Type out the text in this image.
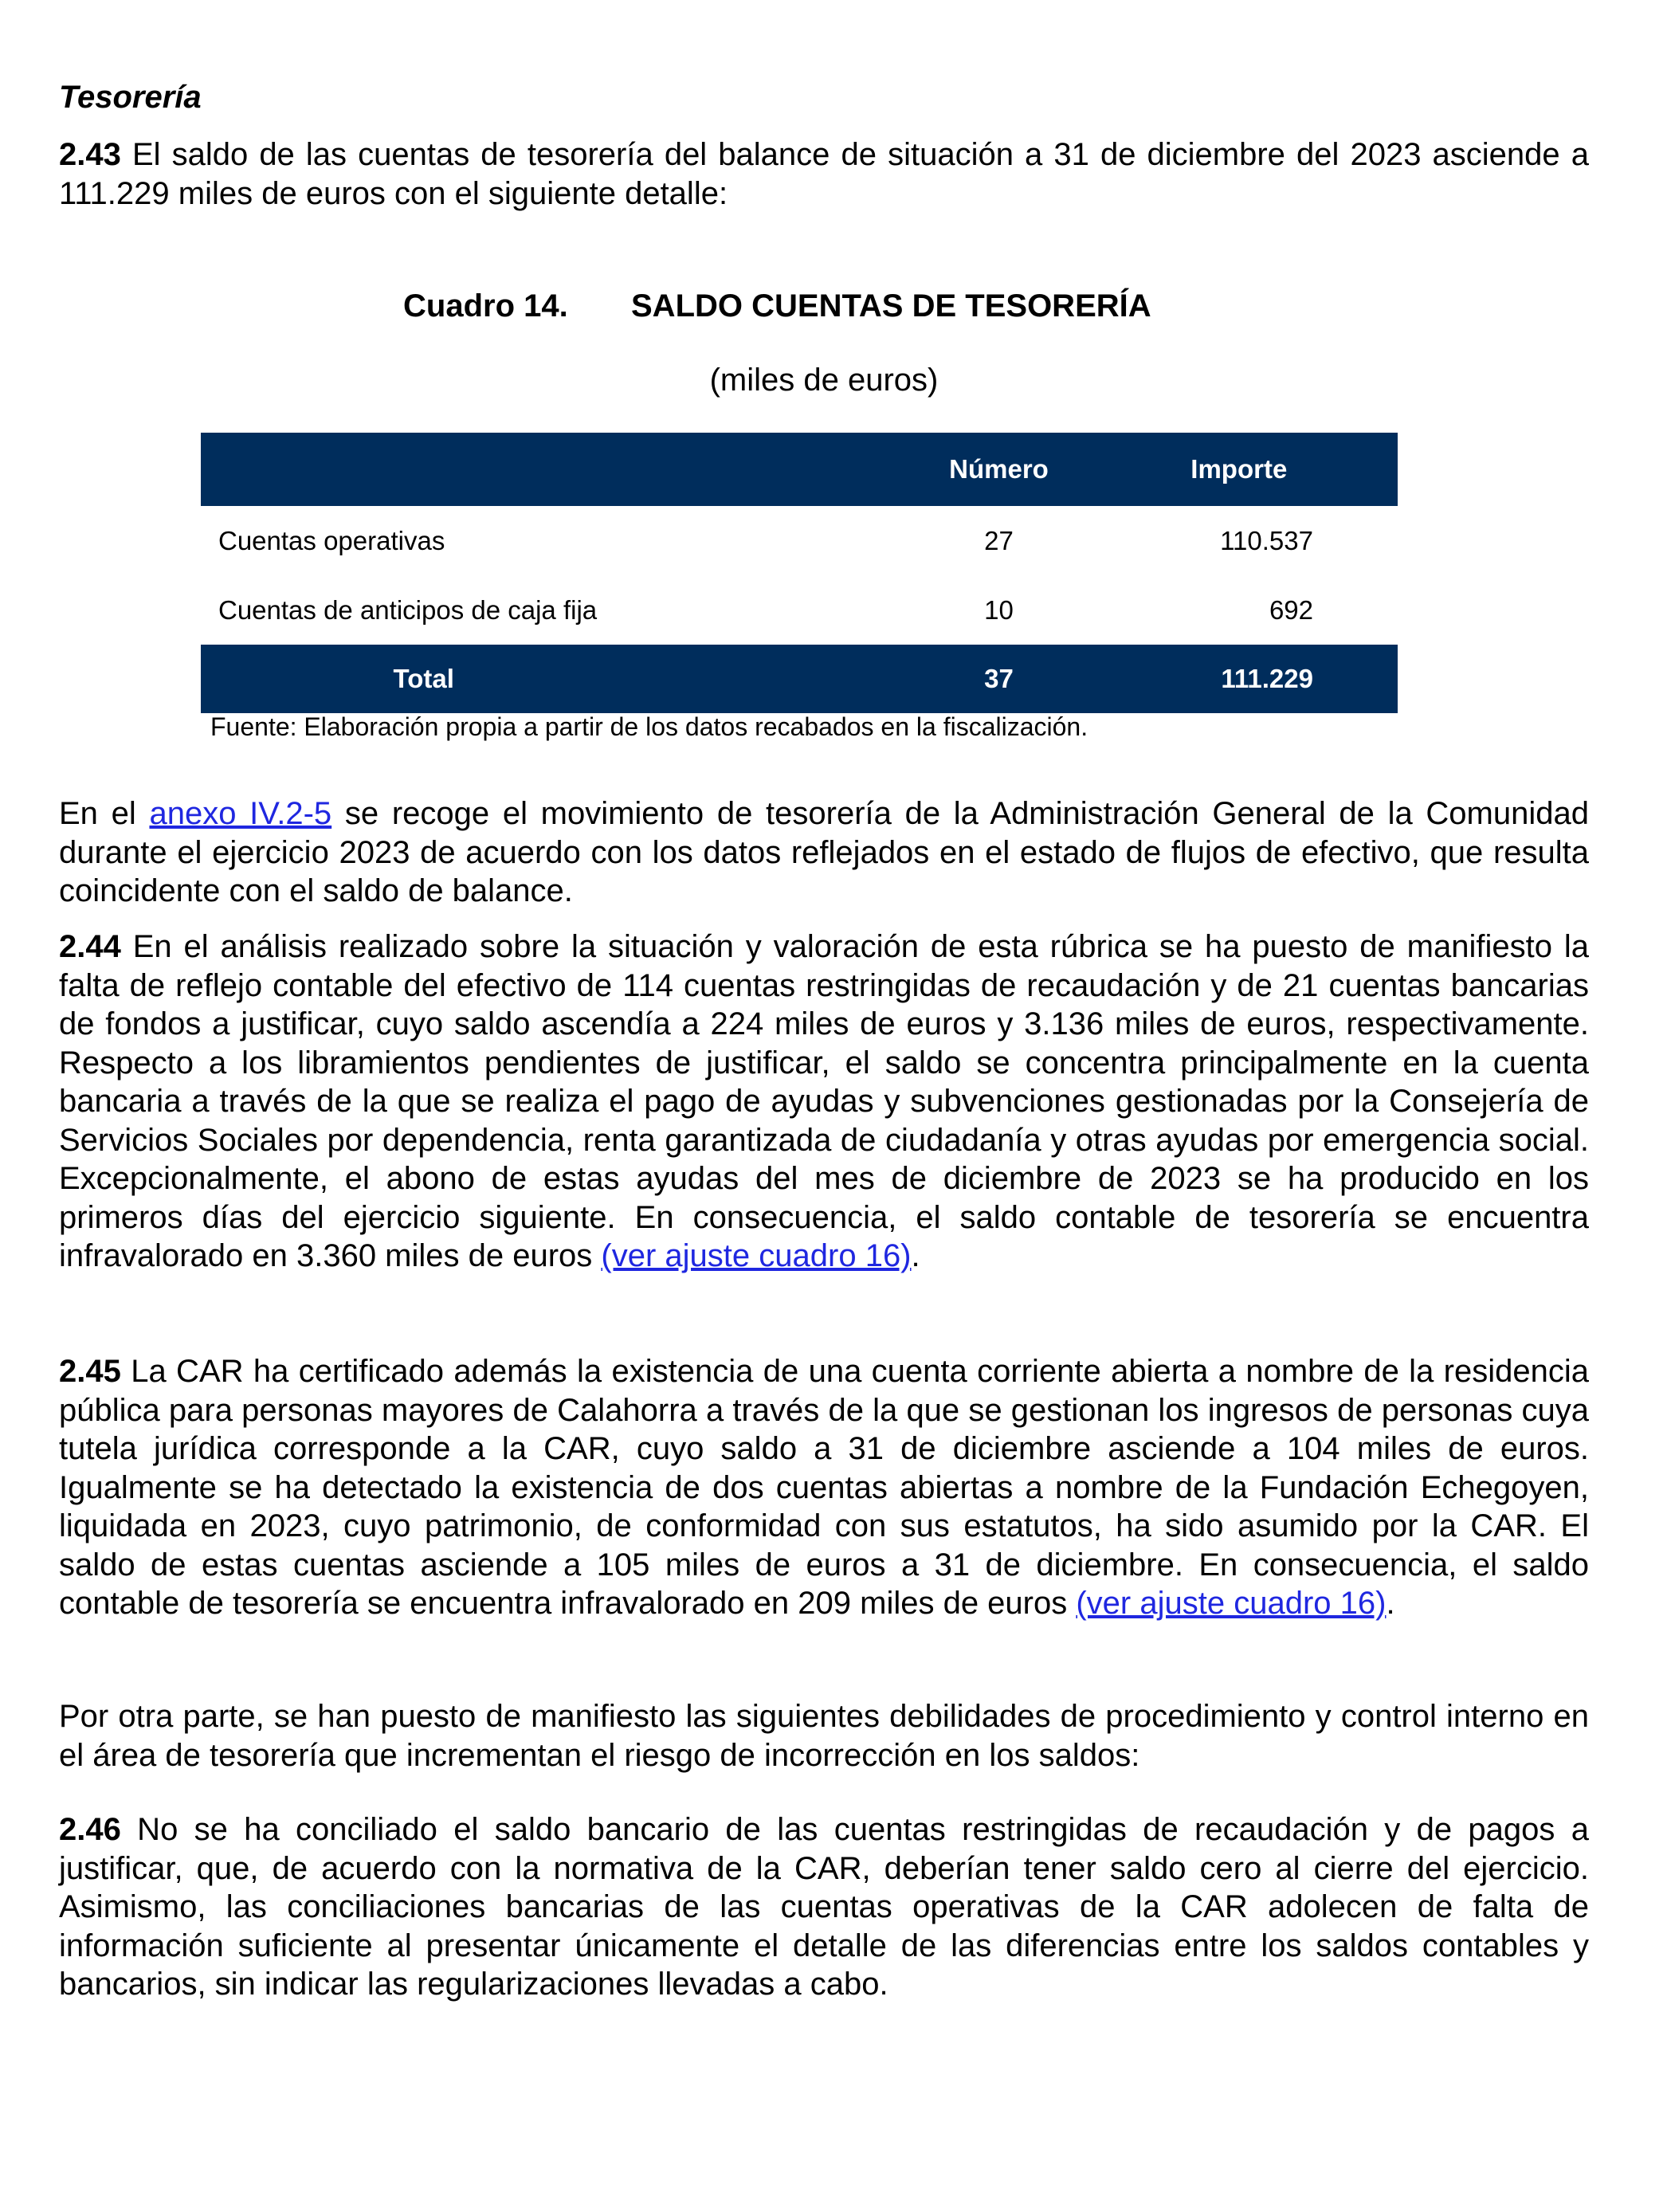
Tesorería

2.43 El saldo de las cuentas de tesorería del balance de situación a 31 de diciembre del 2023 asciende a 111.229 miles de euros con el siguiente detalle:

Cuadro 14. SALDO CUENTAS DE TESORERÍA
(miles de euros)
	Número	Importe
Cuentas operativas	27	110.537
Cuentas de anticipos de caja fija	10	692
Total	37	111.229
Fuente: Elaboración propia a partir de los datos recabados en la fiscalización.

En el anexo IV.2-5 se recoge el movimiento de tesorería de la Administración General de la Comunidad durante el ejercicio 2023 de acuerdo con los datos reflejados en el estado de flujos de efectivo, que resulta coincidente con el saldo de balance.

2.44 En el análisis realizado sobre la situación y valoración de esta rúbrica se ha puesto de manifiesto la falta de reflejo contable del efectivo de 114 cuentas restringidas de recaudación y de 21 cuentas bancarias de fondos a justificar, cuyo saldo ascendía a 224 miles de euros y 3.136 miles de euros, respectivamente. Respecto a los libramientos pendientes de justificar, el saldo se concentra principalmente en la cuenta bancaria a través de la que se realiza el pago de ayudas y subvenciones gestionadas por la Consejería de Servicios Sociales por dependencia, renta garantizada de ciudadanía y otras ayudas por emergencia social. Excepcionalmente, el abono de estas ayudas del mes de diciembre de 2023 se ha producido en los primeros días del ejercicio siguiente. En consecuencia, el saldo contable de tesorería se encuentra infravalorado en 3.360 miles de euros (ver ajuste cuadro 16).

2.45 La CAR ha certificado además la existencia de una cuenta corriente abierta a nombre de la residencia pública para personas mayores de Calahorra a través de la que se gestionan los ingresos de personas cuya tutela jurídica corresponde a la CAR, cuyo saldo a 31 de diciembre asciende a 104 miles de euros. Igualmente se ha detectado la existencia de dos cuentas abiertas a nombre de la Fundación Echegoyen, liquidada en 2023, cuyo patrimonio, de conformidad con sus estatutos, ha sido asumido por la CAR. El saldo de estas cuentas asciende a 105 miles de euros a 31 de diciembre. En consecuencia, el saldo contable de tesorería se encuentra infravalorado en 209 miles de euros (ver ajuste cuadro 16).

Por otra parte, se han puesto de manifiesto las siguientes debilidades de procedimiento y control interno en el área de tesorería que incrementan el riesgo de incorrección en los saldos:

2.46 No se ha conciliado el saldo bancario de las cuentas restringidas de recaudación y de pagos a justificar, que, de acuerdo con la normativa de la CAR, deberían tener saldo cero al cierre del ejercicio. Asimismo, las conciliaciones bancarias de las cuentas operativas de la CAR adolecen de falta de información suficiente al presentar únicamente el detalle de las diferencias entre los saldos contables y bancarios, sin indicar las regularizaciones llevadas a cabo.
